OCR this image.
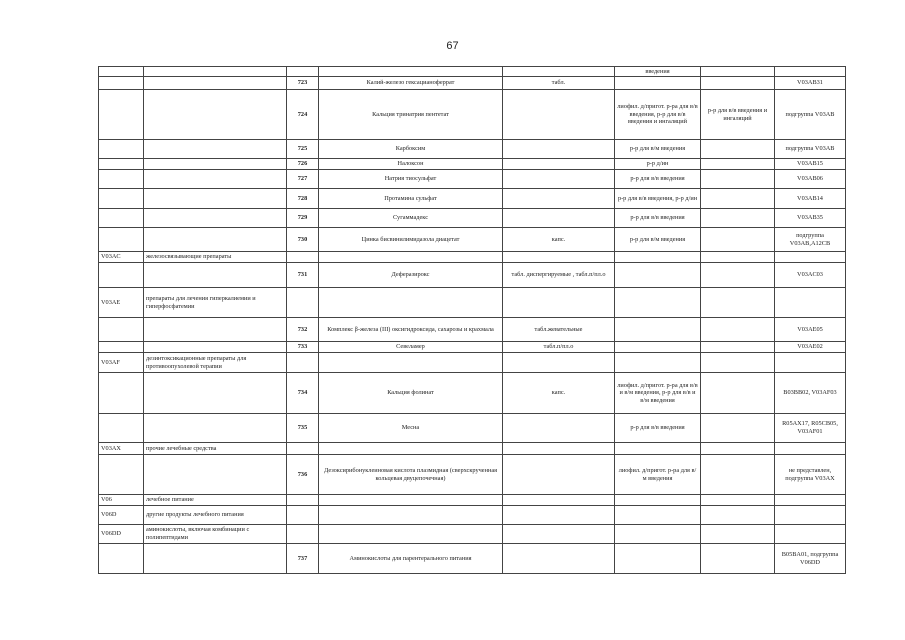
67
					введения		
		723	Калий-железо гексацианоферрат	табл.			V03AB31
		724	Кальция тринатрия пентетат		лиофил. д/пригот. р-ра для в/в введения, р-р для в/в введения и ингаляций	р-р для в/в введения и ингаляций	подгруппа V03AB
		725	Карбоксим		р-р для в/м введения		подгруппа V03AB
		726	Налоксон		р-р д/ин		V03AB15
		727	Натрия тиосульфат		р-р для в/в введения		V03AB06
		728	Протамина сульфат		р-р для в/в введения, р-р д/ин		V03AB14
		729	Сугаммадекс		р-р для в/в введения		V03AB35
		730	Цинка бисвинилимидазола диацетат	капс.	р-р для в/м введения		подгруппа V03AB,A12CB
V03AC	железосвязывающие препараты						
		731	Деферазирокс	табл. диспергируемые , табл.п/пл.о			V03AC03
V03AE	препараты для лечения гиперкалиемии и гиперфосфатемии						
		732	Комплекс β-железа (III) оксигидроксида, сахарозы и крахмала	табл.жевательные			V03AE05
		733	Севеламер	табл.п/пл.о			V03AE02
V03AF	дезинтоксикационные препараты для противоопухолевой терапии						
		734	Кальция фолинат	капс.	лиофил. д/пригот. р-ра для в/в и в/м введения, р-р для в/в и в/м введения		B03BB02, V03AF03
		735	Месна		р-р для в/в введения		R05AX17, R05CB05, V03AF01
V03AX	прочие лечебные средства						
		736	Дезоксирибонуклеиновая кислота плазмидная (сверхскрученная кольцевая двуцепочечная)		лиофил. д/пригот. р-ра для в/м введения		не представлен, подгруппа V03AX
V06	лечебное питание						
V06D	другие продукты лечебного питания						
V06DD	аминокислоты, включая комбинации с полипептидами						
		737	Аминокислоты для парентерального питания				B05BA01, подгруппа V06DD
